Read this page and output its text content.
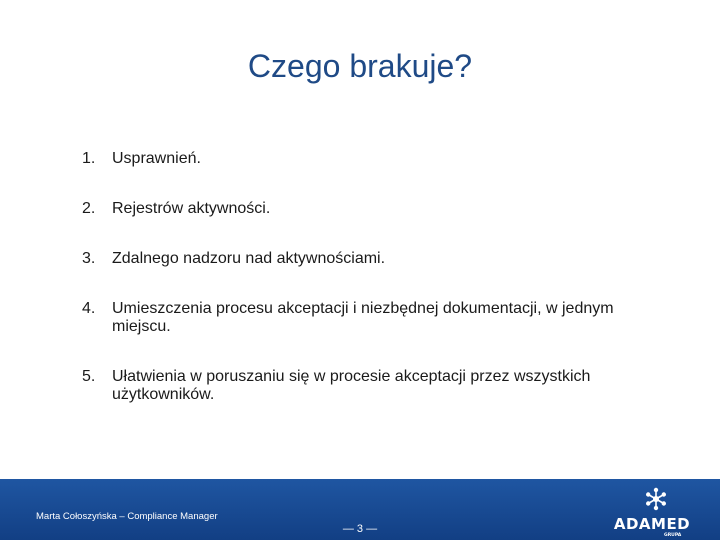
Czego brakuje?
1. Usprawnień.
2. Rejestrów aktywności.
3. Zdalnego nadzoru nad aktywnościami.
4. Umieszczenia procesu akceptacji i niezbędnej dokumentacji, w jednym miejscu.
5. Ułatwienia w poruszaniu się w procesie akceptacji przez wszystkich użytkowników.
Marta Cołoszyńska – Compliance Manager
— 3 —	ADAMED
GRUPA
